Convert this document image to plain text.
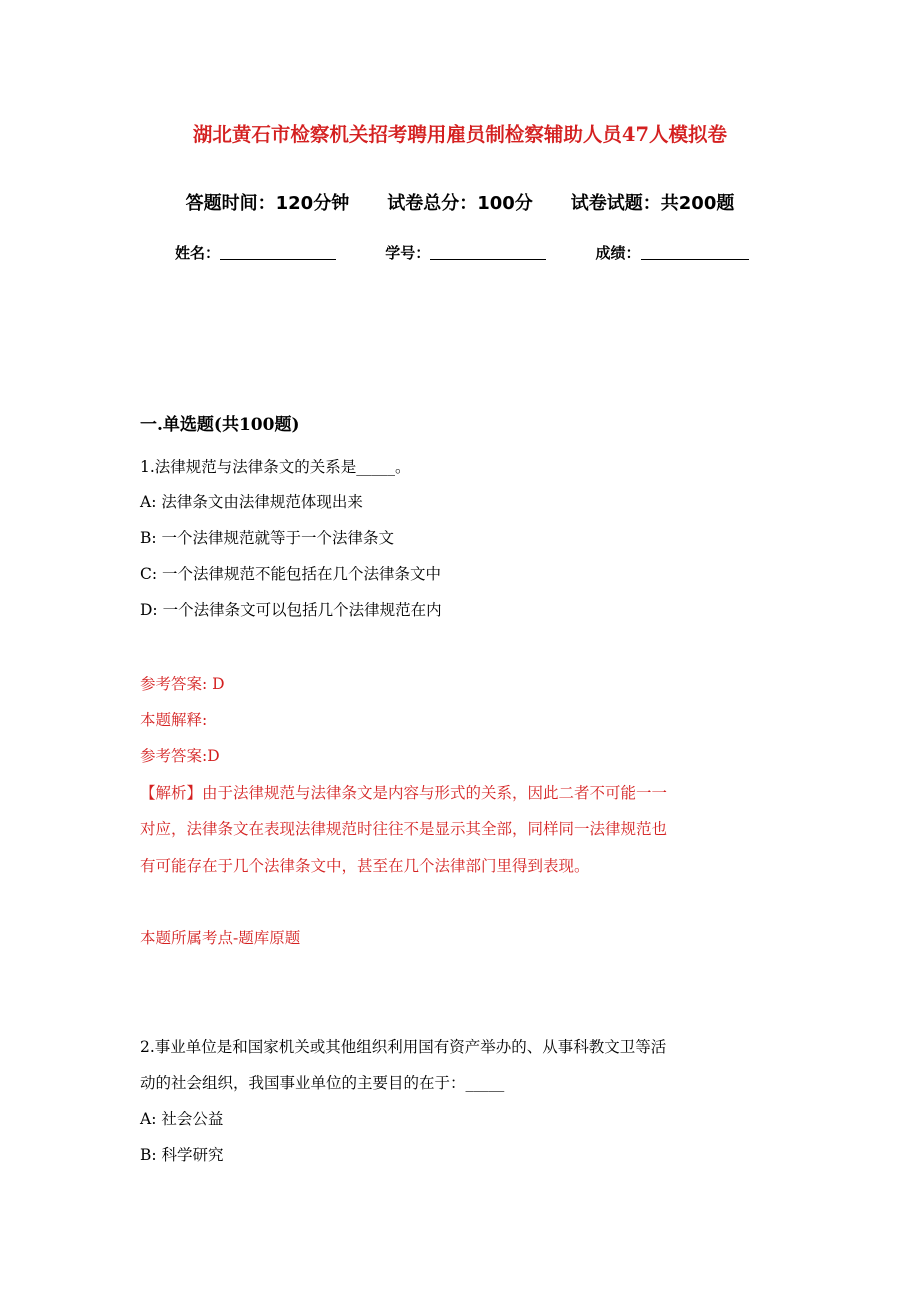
湖北黄石市检察机关招考聘用雇员制检察辅助人员47人模拟卷
答题时间：120分钟 试卷总分：100分 试卷试题：共200题
姓名：	学号：	成绩：
一.单选题(共100题)

1.法律规范与法律条文的关系是_____。

A: 法律条文由法律规范体现出来

B: 一个法律规范就等于一个法律条文

C: 一个法律规范不能包括在几个法律条文中

D: 一个法律条文可以包括几个法律规范在内

参考答案: D

本题解释:

参考答案:D

【解析】由于法律规范与法律条文是内容与形式的关系，因此二者不可能一一

对应，法律条文在表现法律规范时往往不是显示其全部，同样同一法律规范也

有可能存在于几个法律条文中，甚至在几个法律部门里得到表现。

本题所属考点-题库原题

2.事业单位是和国家机关或其他组织利用国有资产举办的、从事科教文卫等活

动的社会组织，我国事业单位的主要目的在于：_____

A: 社会公益

B: 科学研究
